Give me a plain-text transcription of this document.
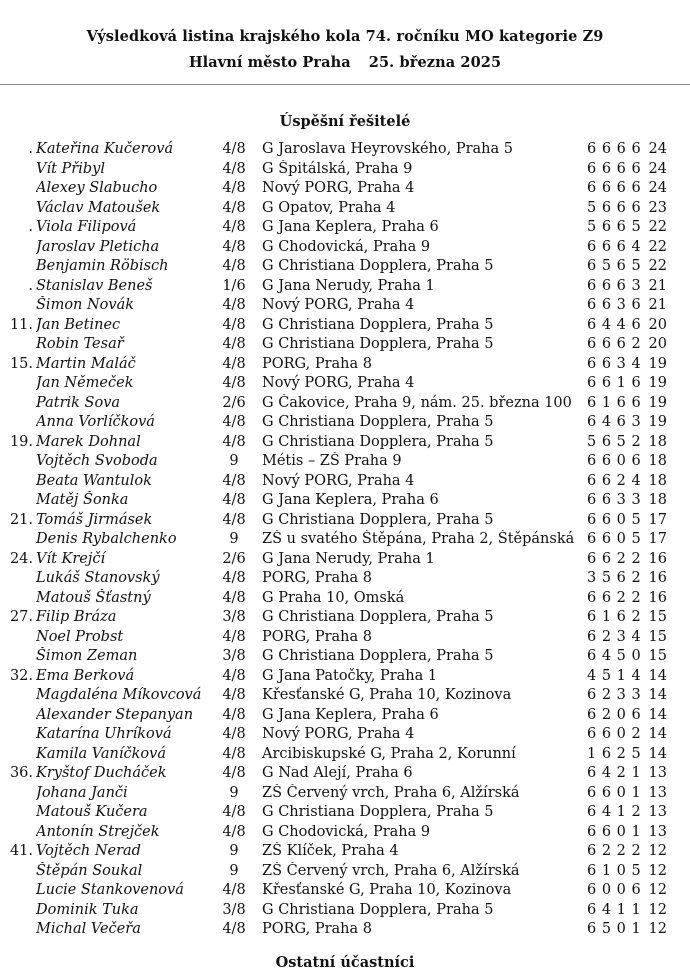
Výsledková listina krajského kola 74. ročníku MO kategorie Z9
Hlavní město Praha 25. března 2025
Úspěšní řešitelé
. Kateřina Kučerová	4/8	G Jaroslava Heyrovského, Praha 5	6 6 6 6 24
Vít Přibyl	4/8	G Špitálská, Praha 9	6 6 6 6 24
Alexey Slabucho	4/8	Nový PORG, Praha 4	6 6 6 6 24
Václav Matoušek	4/8	G Opatov, Praha 4	5 6 6 6 23
. Viola Filipová	4/8	G Jana Keplera, Praha 6	5 6 6 5 22
Jaroslav Pleticha	4/8	G Chodovická, Praha 9	6 6 6 4 22
Benjamin Röbisch	4/8	G Christiana Dopplera, Praha 5	6 5 6 5 22
. Stanislav Beneš	1/6	G Jana Nerudy, Praha 1	6 6 6 3 21
Šimon Novák	4/8	Nový PORG, Praha 4	6 6 3 6 21
11. Jan Betinec	4/8	G Christiana Dopplera, Praha 5	6 4 4 6 20
Robin Tesař	4/8	G Christiana Dopplera, Praha 5	6 6 6 2 20
15. Martin Maláč	4/8	PORG, Praha 8	6 6 3 4 19
Jan Němeček	4/8	Nový PORG, Praha 4	6 6 1 6 19
Patrik Sova	2/6	G Čakovice, Praha 9, nám. 25. března 100	6 1 6 6 19
Anna Vorlíčková	4/8	G Christiana Dopplera, Praha 5	6 4 6 3 19
19. Marek Dohnal	4/8	G Christiana Dopplera, Praha 5	5 6 5 2 18
Vojtěch Svoboda	9	Métis – ZŠ Praha 9	6 6 0 6 18
Beata Wantulok	4/8	Nový PORG, Praha 4	6 6 2 4 18
Matěj Šonka	4/8	G Jana Keplera, Praha 6	6 6 3 3 18
21. Tomáš Jirmásek	4/8	G Christiana Dopplera, Praha 5	6 6 0 5 17
Denis Rybalchenko	9	ZŠ u svatého Štěpána, Praha 2, Štěpánská 6 6 0 5 17
24. Vít Krejčí	2/6	G Jana Nerudy, Praha 1	6 6 2 2 16
Lukáš Stanovský	4/8	PORG, Praha 8	3 5 6 2 16
Matouš Šťastný	4/8	G Praha 10, Omská	6 6 2 2 16
27. Filip Bráza	3/8	G Christiana Dopplera, Praha 5	6 1 6 2 15
Noel Probst	4/8	PORG, Praha 8	6 2 3 4 15
Šimon Zeman	3/8	G Christiana Dopplera, Praha 5	6 4 5 0 15
32. Ema Berková	4/8	G Jana Patočky, Praha 1	4 5 1 4 14
Magdaléna Míkovcová	4/8	Křesťanské G, Praha 10, Kozinova	6 2 3 3 14
Alexander Stepanyan	4/8	G Jana Keplera, Praha 6	6 2 0 6 14
Katarína Uhríková	4/8	Nový PORG, Praha 4	6 6 0 2 14
Kamila Vaníčková	4/8	Arcibiskupské G, Praha 2, Korunní	1 6 2 5 14
36. Kryštof Ducháček	4/8	G Nad Alejí, Praha 6	6 4 2 1 13
Johana Janči	9	ZŠ Červený vrch, Praha 6, Alžírská	6 6 0 1 13
Matouš Kučera	4/8	G Christiana Dopplera, Praha 5	6 4 1 2 13
Antonín Strejček	4/8	G Chodovická, Praha 9	6 6 0 1 13
41. Vojtěch Nerad	9	ZŠ Klíček, Praha 4	6 2 2 2 12
Štěpán Soukal	9	ZŠ Červený vrch, Praha 6, Alžírská	6 1 0 5 12
Lucie Stankovenová	4/8	Křesťanské G, Praha 10, Kozinova	6 0 0 6 12
Dominik Tuka	3/8	G Christiana Dopplera, Praha 5	6 4 1 1 12
Michal Večeřa	4/8	PORG, Praha 8	6 5 0 1 12
Ostatní účastníci
